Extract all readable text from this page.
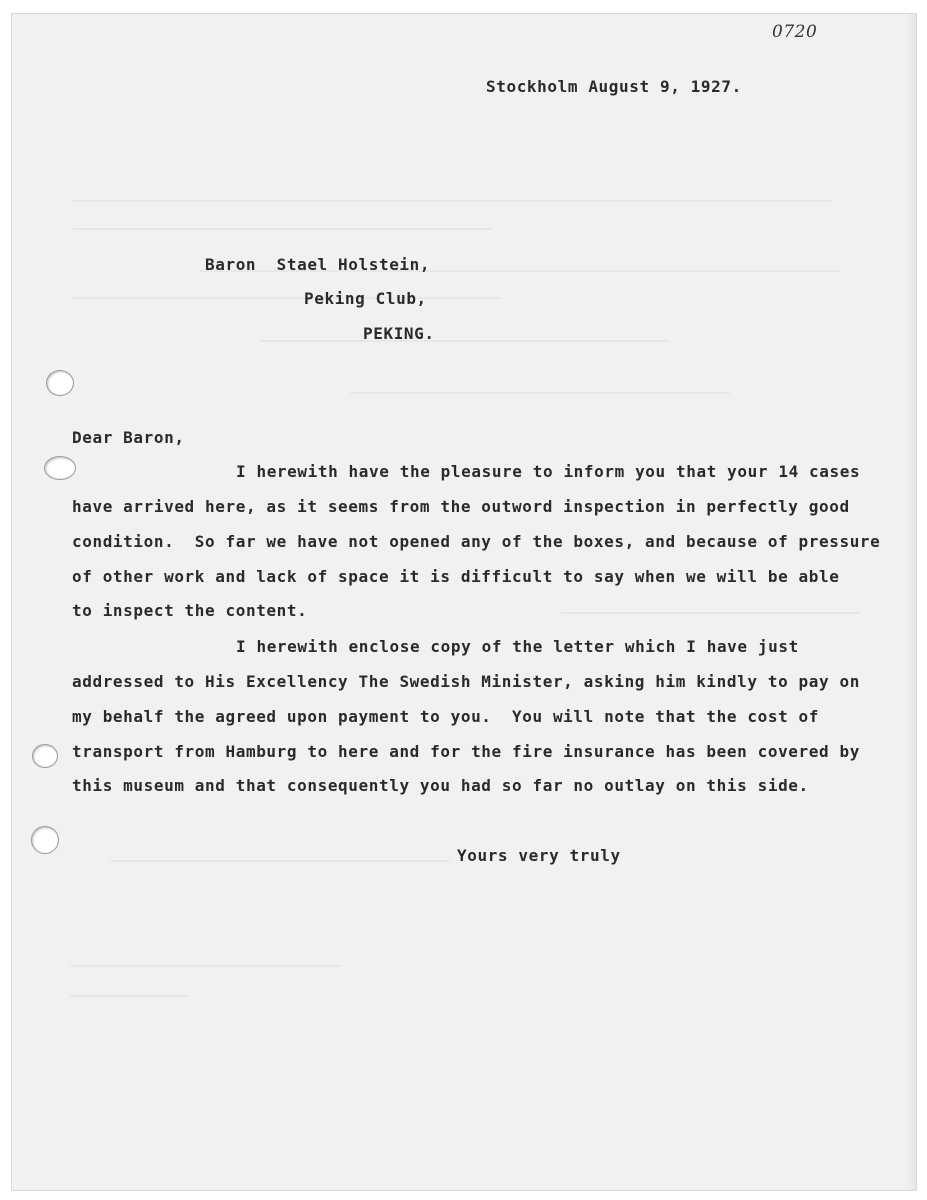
0720
Stockholm August 9, 1927.
Baron  Stael Holstein,
Peking Club,
PEKING.
Dear Baron,
I herewith have the pleasure to inform you that your 14 cases
have arrived here, as it seems from the outword inspection in perfectly good
condition.  So far we have not opened any of the boxes, and because of pressure
of other work and lack of space it is difficult to say when we will be able
to inspect the content.
I herewith enclose copy of the letter which I have just
addressed to His Excellency The Swedish Minister, asking him kindly to pay on
my behalf the agreed upon payment to you.  You will note that the cost of
transport from Hamburg to here and for the fire insurance has been covered by
this museum and that consequently you had so far no outlay on this side.
Yours very truly
